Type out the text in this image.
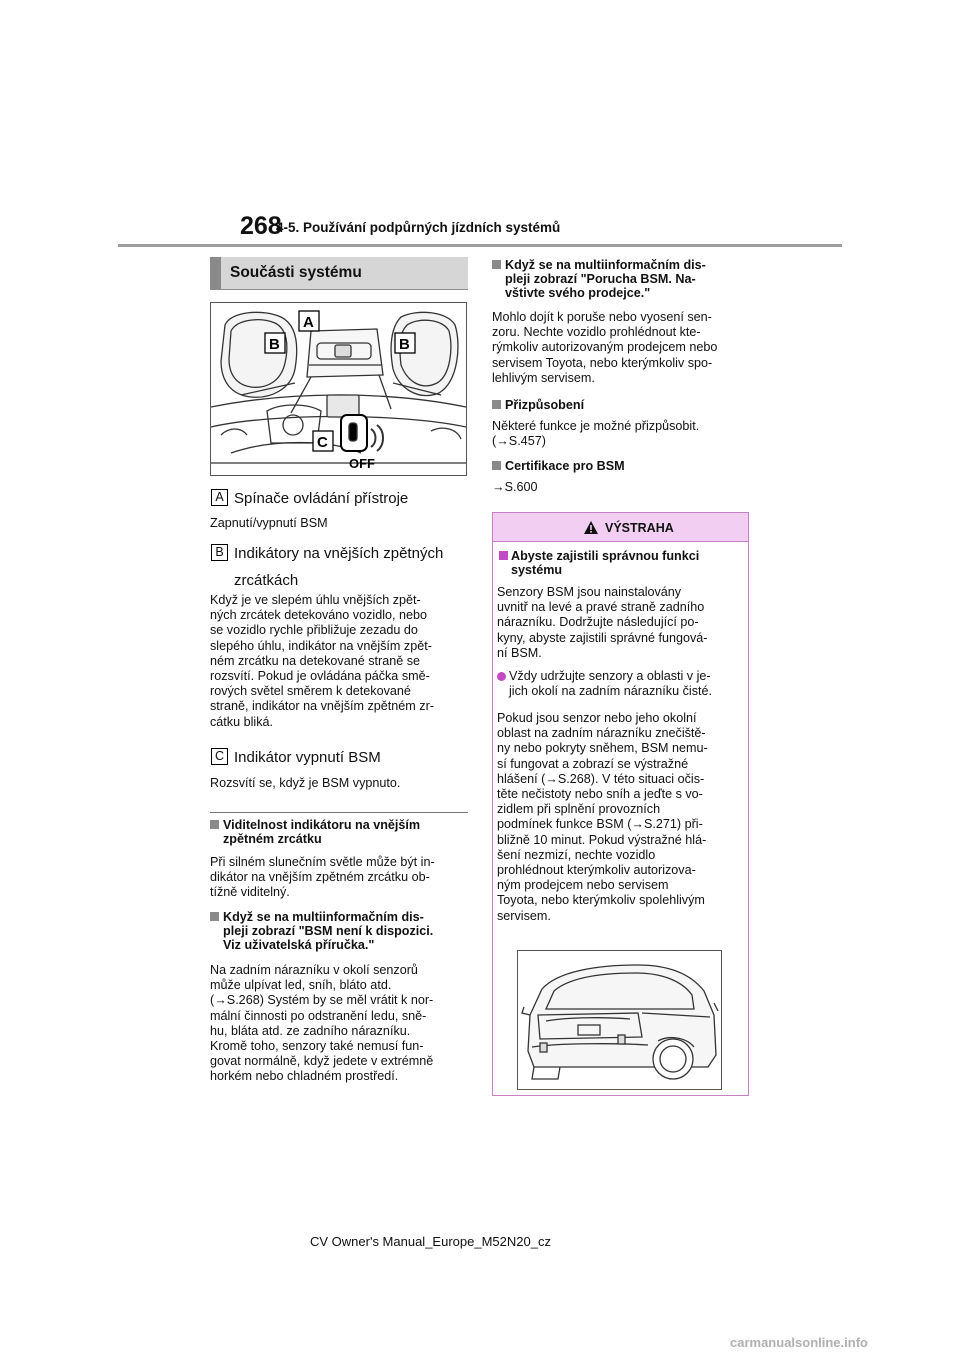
268
4-5. Používání podpůrných jízdních systémů
Součásti systému
OFF
A
B	B
C
A Spínače ovládání přístroje
Zapnutí/vypnutí BSM
B Indikátory na vnějších zpětných
zrcátkách
Když je ve slepém úhlu vnějších zpět-
ných zrcátek detekováno vozidlo, nebo
se vozidlo rychle přibližuje zezadu do
slepého úhlu, indikátor na vnějším zpět-
ném zrcátku na detekované straně se
rozsvítí. Pokud je ovládána páčka smě-
rových světel směrem k detekované
straně, indikátor na vnějším zpětném zr-
cátku bliká.
C Indikátor vypnutí BSM
Rozsvítí se, když je BSM vypnuto.
Viditelnost indikátoru na vnějším
zpětném zrcátku
Při silném slunečním světle může být in-
dikátor na vnějším zpětném zrcátku ob-
tížně viditelný.
Když se na multiinformačním dis-
pleji zobrazí "BSM není k dispozici.
Viz uživatelská příručka."
Na zadním nárazníku v okolí senzorů
může ulpívat led, sníh, bláto atd.
(→S.268) Systém by se měl vrátit k nor-
mální činnosti po odstranění ledu, sně-
hu, bláta atd. ze zadního nárazníku.
Kromě toho, senzory také nemusí fun-
govat normálně, když jedete v extrémně
horkém nebo chladném prostředí.
Když se na multiinformačním dis-
pleji zobrazí "Porucha BSM. Na-
vštivte svého prodejce."
Mohlo dojít k poruše nebo vyosení sen-
zoru. Nechte vozidlo prohlédnout kte-
rýmkoliv autorizovaným prodejcem nebo
servisem Toyota, nebo kterýmkoliv spo-
lehlivým servisem.
Přizpůsobení
Některé funkce je možné přizpůsobit.
(→S.457)
Certifikace pro BSM
→S.600
VÝSTRAHA
Abyste zajistili správnou funkci
systému
Senzory BSM jsou nainstalovány
uvnitř na levé a pravé straně zadního
nárazníku. Dodržujte následující po-
kyny, abyste zajistili správné fungová-
ní BSM.
Vždy udržujte senzory a oblasti v je-
jich okolí na zadním nárazníku čisté.
Pokud jsou senzor nebo jeho okolní
oblast na zadním nárazníku znečiště-
ny nebo pokryty sněhem, BSM nemu-
sí fungovat a zobrazí se výstražné
hlášení (→S.268). V této situaci očis-
těte nečistoty nebo sníh a jeďte s vo-
zidlem při splnění provozních
podmínek funkce BSM (→S.271) při-
bližně 10 minut. Pokud výstražné hlá-
šení nezmizí, nechte vozidlo
prohlédnout kterýmkoliv autorizova-
ným prodejcem nebo servisem
Toyota, nebo kterýmkoliv spolehlivým
servisem.
CV Owner's Manual_Europe_M52N20_cz
carmanualsonline.info
